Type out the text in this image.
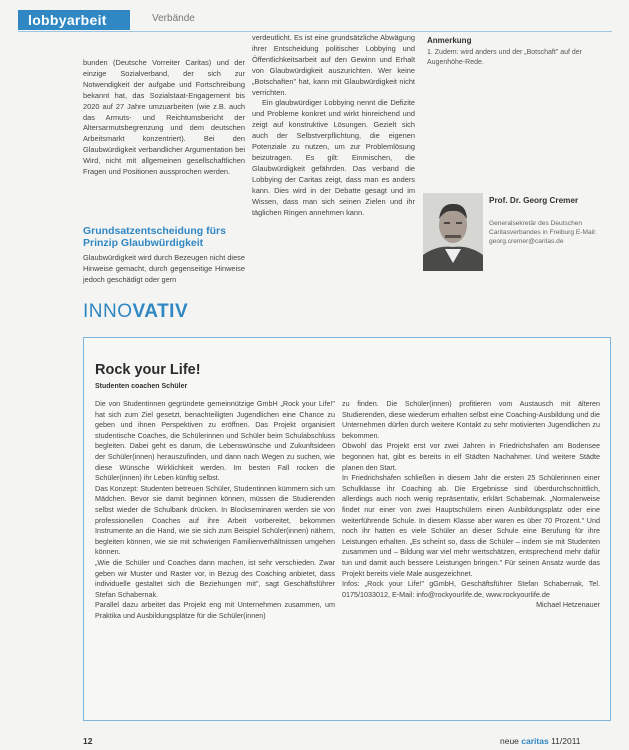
lobbyarbeit	Verbände

bunden (Deutsche Vorreiter Caritas) und der einzige Sozialverband, der sich zur Notwendigkeit der aufgabe und Fortschreibung bekannt hat, das Sozialstaat-Engagement bis 2020 auf 27 Jahre umzuarbeiten (wie z.B. auch das Armuts- und Reichtumsbericht der Altersarmutsbegrenzung und dem deutschen Arbeitsmarkt konzentriert). Bei den Glaubwürdigkeit verbandlicher Argumentation bei Wird, nicht mit allgemeinen gesellschaftlichen Fragen und Positionen aussprochen werden.

Grundsatzentscheidung fürs Prinzip Glaubwürdigkeit

Glaubwürdigkeit wird durch Bezeugen nicht diese Hinweise gemacht, durch gegenseitige Hinweise jedoch geschädigt oder gern

verdeutlicht. Es ist eine grundsätzliche Abwägung ihrer Entscheidung politischer Lobbying und Öffentlichkeitsarbeit auf den Gewinn und Erhalt von Glaubwürdigkeit auszurichten. Wer keine „Botschaften" hat, kann mit Glaubwürdigkeit nicht verrichten.

Ein glaubwürdiger Lobbying nennt die Defizite und Probleme konkret und wirkt hinreichend und zeigt auf konstruktive Lösungen. Gezielt sich auch der Selbstverpflichtung, die eigenen Potenziale zu nutzen, um zur Problemlösung beizutragen. Es gilt: Einmischen, die Glaubwürdigkeit gefährden. Das verband die Lobbying der Caritas zeigt, dass man es anders kann. Dies wird in der Debatte gesagt und im Wissen, dass man sich seinen Zielen und ihr täglichen Ringen annehmen kann.

Anmerkung
1. Zudem: wird anders und der „Botschaft" auf der Augenhöhe-Rede.
Prof. Dr. Georg Cremer
Generalsekretär des Deutschen Caritasverbandes in Freiburg E-Mail: georg.cremer@caritas.de
INNOVATIV
Rock your Life!
Studenten coachen Schüler

Die von Studentinnen gegründete gemeinnützige GmbH „Rock your Life!" hat sich zum Ziel gesetzt, benachteiligten Jugendlichen eine Chance zu geben und ihnen Perspektiven zu eröffnen. Das Projekt organisiert studentische Coaches, die Schülerinnen und Schüler beim Schulabschluss begleiten. Dabei geht es darum, die Lebenswünsche und Zukunftsideen der Schüler(innen) herauszufinden, und dann nach Wegen zu suchen, wie diese Wünsche Wirklichkeit werden. Im besten Fall rocken die Schüler(innen) ihr Leben künftig selbst.

Das Konzept: Studenten betreuen Schüler, Studentinnen kümmern sich um Mädchen. Bevor sie damit beginnen können, müssen die Studierenden selbst wieder die Schulbank drücken. In Blockseminaren werden sie von professionellen Coaches auf ihre Arbeit vorbereitet, bekommen Instrumente an die Hand, wie sie sich zum Beispiel Schüler(innen) nähern, begleiten können, wie sie mit schwierigen Familienverhältnissen umgehen können.

„Wie die Schüler und Coaches dann machen, ist sehr verschieden. Zwar geben wir Muster und Raster vor, in Bezug des Coaching anbietet, dass individuelle gestaltet sich die Beziehungen mit", sagt Geschäftsführer Stefan Schabernak.

Parallel dazu arbeitet das Projekt eng mit Unternehmen zusammen, um Praktika und Ausbildungsplätze für die Schüler(innen)

zu finden. Die Schüler(innen) profitieren vom Austausch mit älteren Studierenden, diese wiederum erhalten selbst eine Coaching-Ausbildung und die Unternehmen dürfen durch weitere Kontakt zu sehr motivierten Jugendlichen zu bekommen.

Obwohl das Projekt erst vor zwei Jahren in Friedrichshafen am Bodensee begonnen hat, gibt es bereits in elf Städten Nachahmer. Und weitere Städte planen den Start.

In Friedrichshafen schließen in diesem Jahr die ersten 25 Schülerinnen einer Schulklasse ihr Coaching ab. Die Ergebnisse sind überdurchschnittlich, allerdings auch noch wenig repräsentativ, erklärt Schabernak. „Normalerweise findet nur einer von zwei Hauptschülern einen Ausbildungsplatz oder eine weiterführende Schule. In diesem Klasse aber waren es über 70 Prozent." Und noch ihr hatten es viele Schüler an dieser Schule eine Berufung für ihre Leistungen erhalten. „Es scheint so, dass die Schüler – indem sie mit Studenten zusammen und – Bildung war viel mehr wertschätzen, entsprechend mehr dafür tun und damit auch bessere Leistungen bringen." Für seinen Ansatz wurde das Projekt bereits viele Male ausgezeichnet.

Infos: „Rock your Life!" gGmbH, Geschäftsführer Stefan Schabernak, Tel. 0175/1033012, E-Mail: info@rockyourlife.de, www.rockyourlife.de

Michael Hetzenauer

12	neue caritas 11/2011
